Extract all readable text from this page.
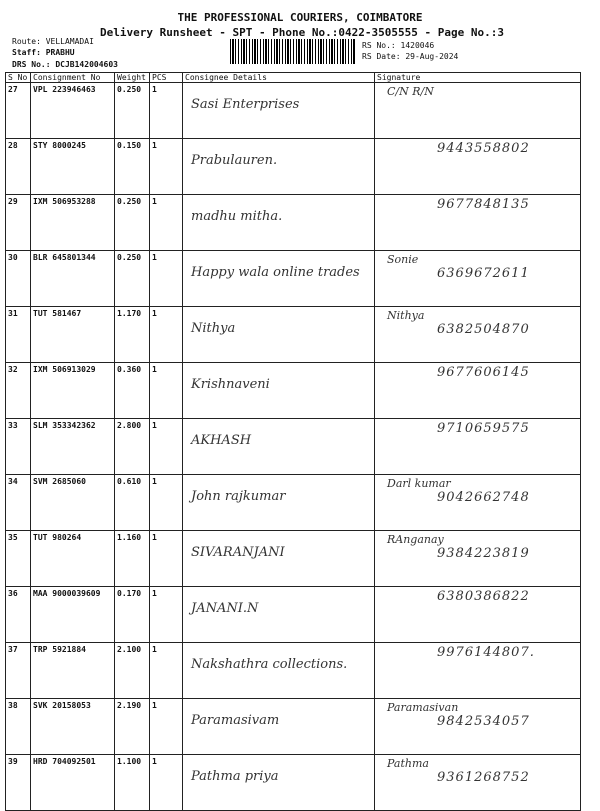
THE PROFESSIONAL COURIERS, COIMBATORE
Delivery Runsheet - SPT - Phone No.:0422-3505555 - Page No.:3
Route: VELLAMADAI
Staff: PRABHU
DRS No.: DCJB142004603
RS No.: 1420046
RS Date: 29-Aug-2024
S No	Consignment No	Weight	PCS	Consignee Details	Signature
27	VPL 223946463	0.250	1	Sasi Enterprises	C/N R/N

28	STY 8000245	0.150	1	Prabulauren.	9443558802

29	IXM 506953288	0.250	1	madhu mitha.	9677848135

30	BLR 645801344	0.250	1	Happy wala online trades	Sonie
6369672611

31	TUT 581467	1.170	1	Nithya	Nithya
6382504870

32	IXM 506913029	0.360	1	Krishnaveni	9677606145

33	SLM 353342362	2.800	1	AKHASH	9710659575

34	SVM 2685060	0.610	1	John rajkumar	Darl kumar
9042662748

35	TUT 980264	1.160	1	SIVARANJANI	RAnganay
9384223819

36	MAA 9000039609	0.170	1	JANANI.N	6380386822

37	TRP 5921884	2.100	1	Nakshathra collections.	9976144807.

38	SVK 20158053	2.190	1	Paramasivam	Paramasivan
9842534057

39	HRD 704092501	1.100	1	Pathma priya	Pathma
9361268752
